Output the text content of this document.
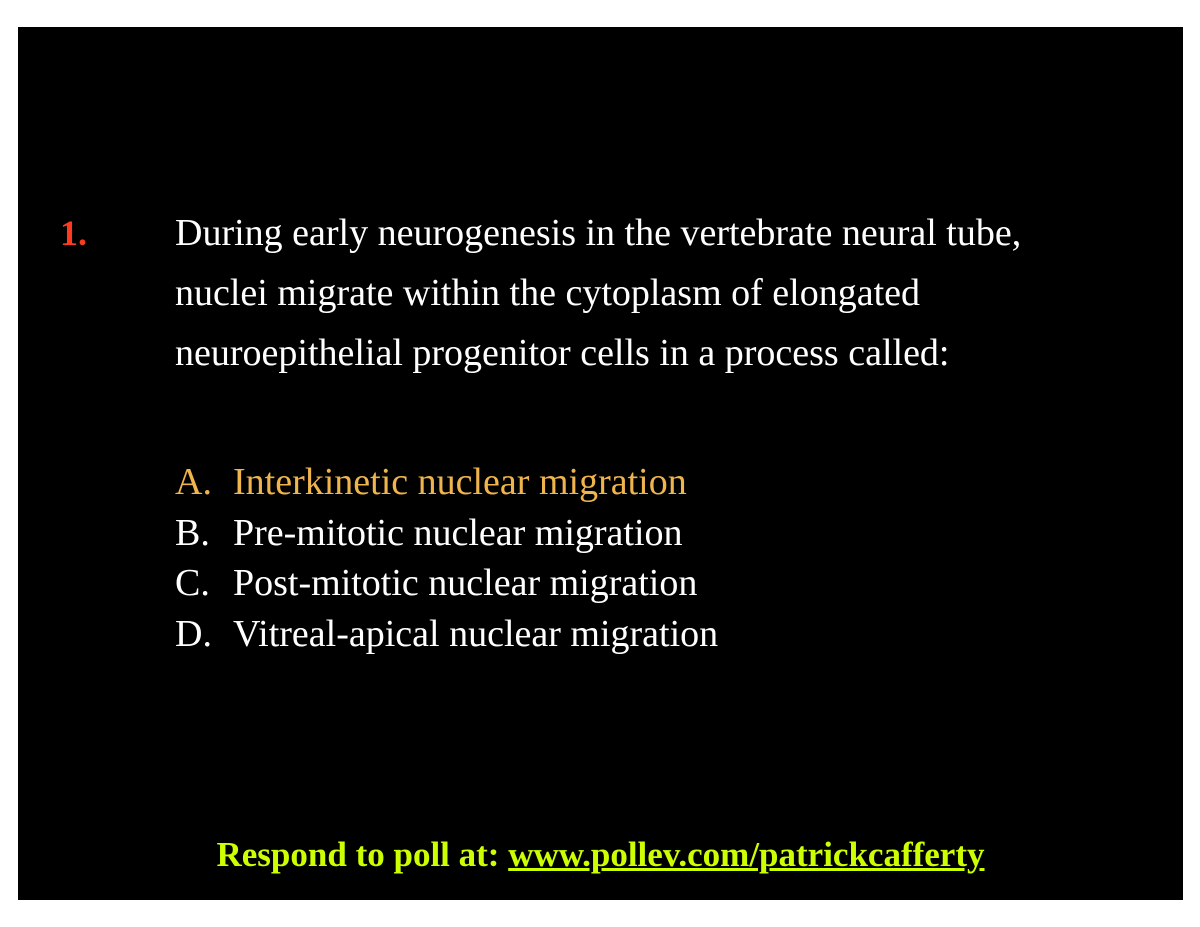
1. During early neurogenesis in the vertebrate neural tube,
nuclei migrate within the cytoplasm of elongated
neuroepithelial progenitor cells in a process called:
A. Interkinetic nuclear migration
B. Pre-mitotic nuclear migration
C. Post-mitotic nuclear migration
D. Vitreal-apical nuclear migration
Respond to poll at: www.pollev.com/patrickcafferty
